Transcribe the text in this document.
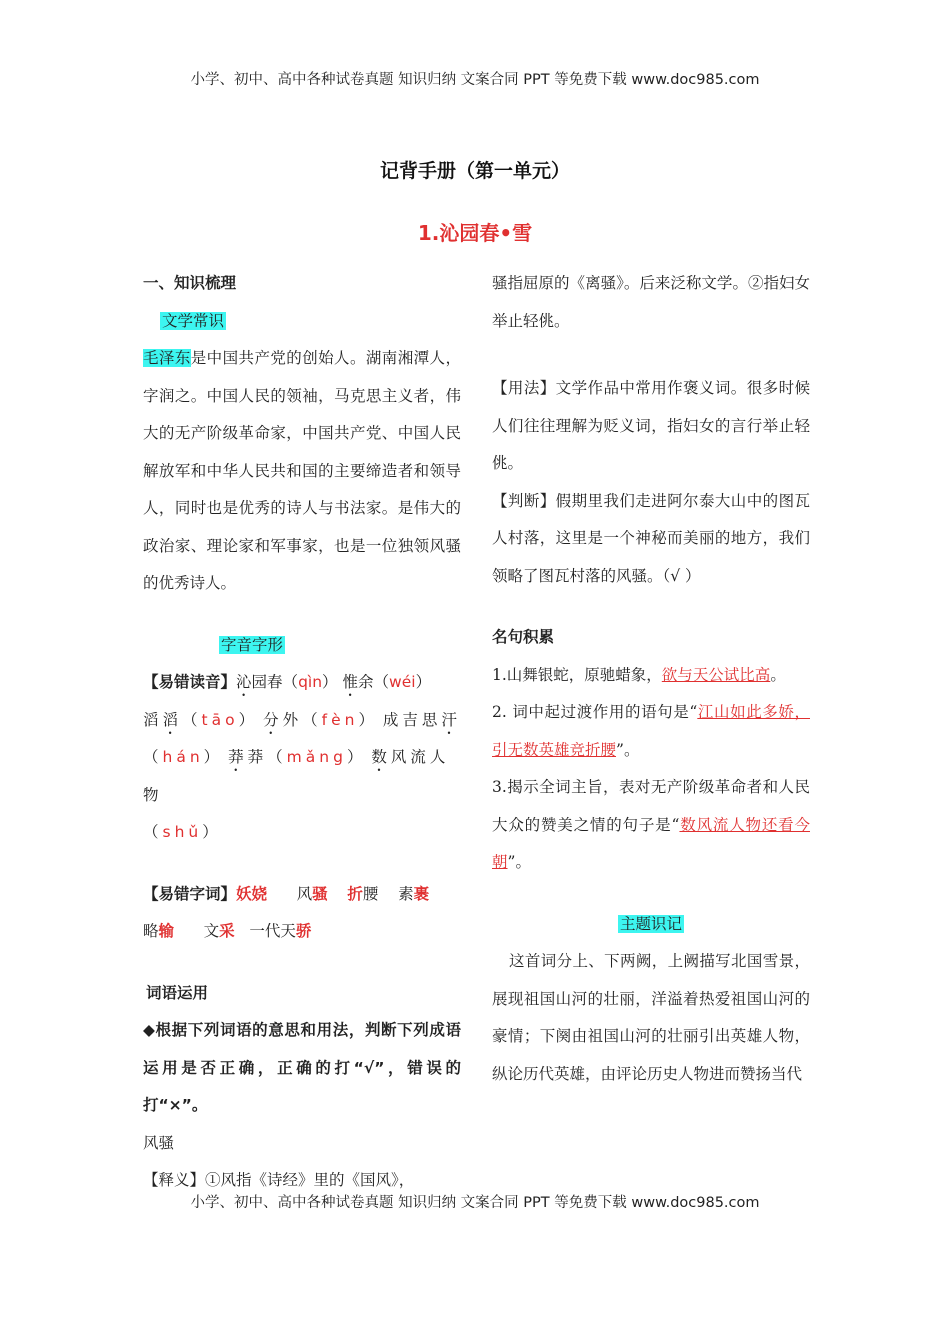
小学、初中、高中各种试卷真题 知识归纳 文案合同 PPT 等免费下载 www.doc985.com
记背手册（第一单元）
1.沁园春•雪

一、知识梳理

文学常识

毛泽东是中国共产党的创始人。湖南湘潭人，字润之。中国人民的领袖，马克思主义者，伟大的无产阶级革命家，中国共产党、中国人民解放军和中华人民共和国的主要缔造者和领导人，同时也是优秀的诗人与书法家。是伟大的政治家、理论家和军事家，也是一位独领风骚的优秀诗人。

字音字形

【易错读音】沁园春（qìn） 惟余（wéi）
滔滔（tāo） 分外（fèn） 成吉思汗（hán） 莽莽（mǎng） 数风流人物
（shǔ）

【易错字词】妖娆 风骚 折腰 素裹
略输 文采 一代天骄

词语运用

◆根据下列词语的意思和用法，判断下列成语运用是否正确，正确的打“√”，错误的打“×”。

风骚

【释义】①风指《诗经》里的《国风》，

骚指屈原的《离骚》。后来泛称文学。②指妇女举止轻佻。

【用法】文学作品中常用作褒义词。很多时候人们往往理解为贬义词，指妇女的言行举止轻佻。

【判断】假期里我们走进阿尔泰大山中的图瓦人村落，这里是一个神秘而美丽的地方，我们领略了图瓦村落的风骚。（√ ）

名句积累

1.山舞银蛇，原驰蜡象，欲与天公试比高。

2. 词中起过渡作用的语句是“江山如此多娇，引无数英雄竞折腰”。

3.揭示全词主旨，表对无产阶级革命者和人民大众的赞美之情的句子是“数风流人物还看今朝”。

主题识记

这首词分上、下两阙，上阙描写北国雪景，展现祖国山河的壮丽，洋溢着热爱祖国山河的豪情；下阕由祖国山河的壮丽引出英雄人物，纵论历代英雄，由评论历史人物进而赞扬当代

小学、初中、高中各种试卷真题 知识归纳 文案合同 PPT 等免费下载 www.doc985.com
